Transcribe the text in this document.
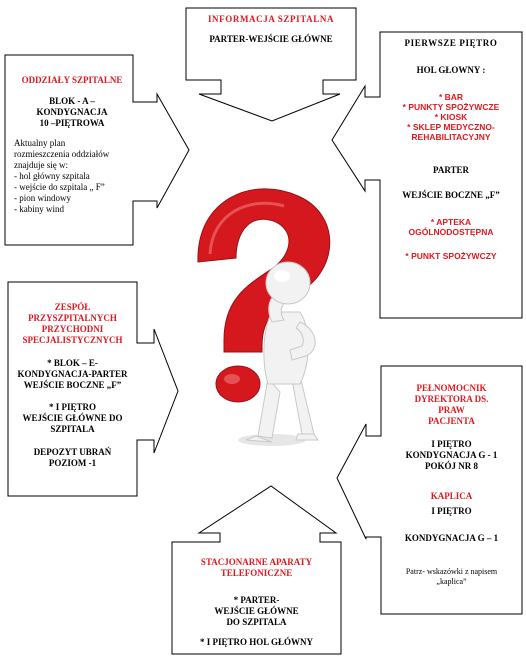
INFORMACJA SZPITALNA
PARTER-WEJŚCIE GŁÓWNE
ODDZIAŁY SZPITALNE
BLOK - A –
KONDYGNACJA
10 –PIĘTROWA
Aktualny plan
rozmieszczenia oddziałów
znajduje się w:
- hol główny szpitala
- wejście do szpitala „ F”
- pion windowy
- kabiny wind
PIERWSZE PIĘTRO
HOL GŁOWNY :
* BAR
* PUNKTY SPOŻYWCZE
* KIOSK
* SKLEP MEDYCZNO-
REHABILITACYJNY
PARTER
WEJŚCIE BOCZNE „F”
* APTEKA
OGÓLNODOSTĘPNA
* PUNKT SPOŻYWCZY
ZESPÓŁ
PRZYSZPITALNYCH
PRZYCHODNI
SPECJALISTYCZNYCH
* BLOK – E-
KONDYGNACJA-PARTER
WEJŚCIE BOCZNE „F”
* I PIĘTRO
WEJŚCIE GŁÓWNE DO
SZPITALA
DEPOZYT UBRAŃ
POZIOM -1
PEŁNOMOCNIK
DYREKTORA DS.
PRAW
PACJENTA
I PIĘTRO
KONDYGNACJA G - 1
POKÓJ NR 8
KAPLICA
I PIĘTRO
KONDYGNACJA G – 1
Patrz- wskazówki z napisem
„kaplica”
STACJONARNE APARATY
TELEFONICZNE
* PARTER-
WEJŚCIE GŁÓWNE
DO SZPITALA
* I PIĘTRO HOL GŁÓWNY
